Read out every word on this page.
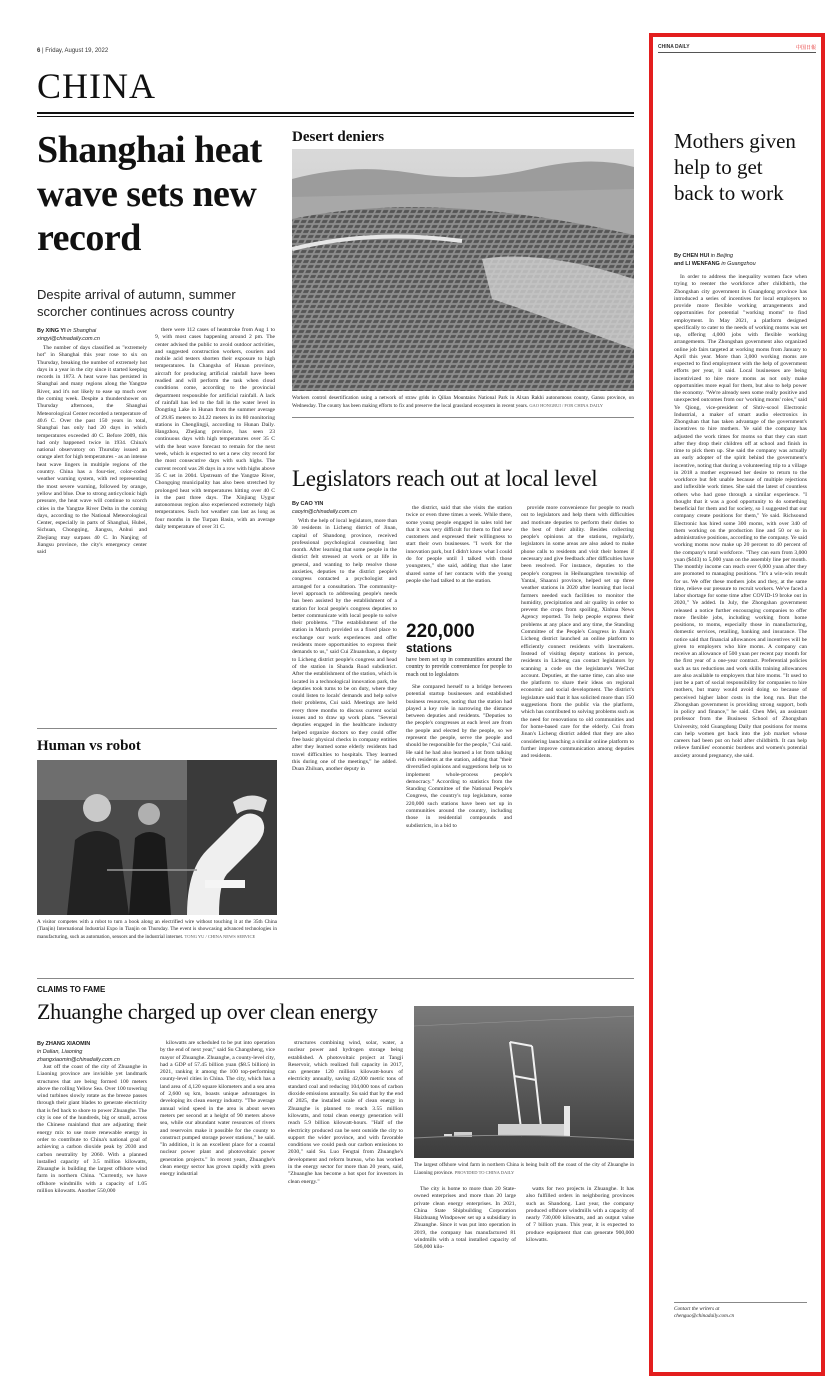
6 | Friday, August 19, 2022
CHINA
Shanghai heat wave sets new record
Despite arrival of autumn, summer scorcher continues across country
By XING YI in Shanghai
xingyi@chinadaily.com.cn

The number of days classified as "extremely hot" in Shanghai this year rose to six on Thursday, breaking the number of extremely hot days in a year in the city since it started keeping records in 1873. A heat wave has persisted in Shanghai and many regions along the Yangtze River, and it's not likely to ease up much over the coming week. Despite a thundershower on Thursday afternoon, the Shanghai Meteorological Center recorded a temperature of 40.6 C. Over the past 150 years in total, Shanghai has only had 20 days in which temperatures exceeded 40 C. Before 2009, this had only happened twice in 1934. China's national observatory on Thursday issued an orange alert for high temperatures - as an intense heat wave lingers in multiple regions of the country. China has a four-tier, color-coded weather warning system, with red representing the most severe warning, followed by orange, yellow and blue. Due to strong anticyclonic high pressure, the heat wave will continue to scorch cities in the Yangtze River Delta in the coming days, according to the National Meteorological Center, especially in parts of Shanghai, Hubei, Sichuan, Chongqing, Jiangsu, Anhui and Zhejiang may surpass 40 C. In Nanjing of Jiangsu province, the city's emergency center said

there were 112 cases of heatstroke from Aug 1 to 9, with most cases happening around 2 pm. The center advised the public to avoid outdoor activities, and suggested construction workers, couriers and mobile acid testers shorten their exposure to high temperatures. In Changsha of Hunan province, aircraft for producing artificial rainfall have been readied and will perform the task when cloud conditions come, according to the provincial department responsible for artificial rainfall. A lack of rainfall has led to the fall in the water level in Dongting Lake in Hunan from the summer average of 29.85 meters to 24.22 meters in its 80 monitoring stations in Chenglingji, according to Hunan Daily. Hangzhou, Zhejiang province, has seen 23 continuous days with high temperatures over 35 C with the heat wave forecast to remain for the next week, which is expected to set a new city record for the most consecutive days with such highs. The current record was 28 days in a row with highs above 35 C set in 2004. Upstream of the Yangtze River, Chongqing municipality has also been stretched by prolonged heat with temperatures hitting over 40 C in the past three days. The Xinjiang Uygur autonomous region also experienced extremely high temperatures. Such hot weather can last as long as four months in the Turpan Basin, with an average daily temperature of over 31 C.

Desert deniers
Workers control desertification using a network of straw grids in Qilian Mountains National Park in Alxan Rakhi autonomous county, Gansu province, on Wednesday. The county has been making efforts to fix and preserve the local grassland ecosystem in recent years. GAO HONGRUI / FOR CHINA DAILY
Legislators reach out at local level
By CAO YIN
caoyin@chinadaily.com.cn

With the help of local legislators, more than 30 residents in Licheng district of Jinan, capital of Shandong province, received professional psychological counseling last month. After learning that some people in the district felt stressed at work or at life in general, and wanting to help resolve those anxieties, deputies to the district people's congress contacted a psychologist and arranged for a consultation. The community-level approach to addressing people's needs has been assisted by the establishment of a station for local people's congress deputies to better communicate with local people to solve their problems. "The establishment of the station in March provided us a fixed place to exchange our work experiences and offer residents more opportunities to express their demands to us," said Cui Zhuanshan, a deputy to Licheng district people's congress and head of the station in Shanda Road subdistrict. After the establishment of the station, which is located in a technological innovation park, the deputies took turns to be on duty, where they could listen to locals' demands and help solve their problems, Cui said. Meetings are held every three months to discuss current social issues and to draw up work plans. "Several deputies engaged in the healthcare industry helped organize doctors so they could offer free basic physical checks in company entities after they learned some elderly residents had travel difficulties to hospitals. They learned this during one of the meetings," he added. Duan Zhiluan, another deputy in

the district, said that she visits the station twice or even three times a week. While there, some young people engaged in sales told her that it was very difficult for them to find new customers and expressed their willingness to start their own businesses. "I work for the innovation park, but I didn't know what I could do for people until I talked with those youngsters," she said, adding that she later shared some of her contacts with the young people she had talked to at the station.

220,000
stations
have been set up in communities around the country to provide convenience for people to reach out to legislators

She compared herself to a bridge between potential startup businesses and established business resources, noting that the station had played a key role in narrowing the distance between deputies and residents. "Deputies to the people's congresses at each level are from the people and elected by the people, so we represent the people, serve the people and should be responsible for the people," Cui said. He said he had also learned a lot from talking with residents at the station, adding that "their diversified opinions and suggestions help us to implement whole-process people's democracy." According to statistics from the Standing Committee of the National People's Congress, the country's top legislature, some 220,000 such stations have been set up in communities around the country, including those in residential compounds and subdistricts, in a bid to

provide more convenience for people to reach out to legislators and help them with difficulties and motivate deputies to perform their duties to the best of their ability. Besides collecting people's opinions at the stations, regularly, legislators in some areas are also asked to make phone calls to residents and visit their homes if necessary and give feedback after difficulties have been resolved. For instance, deputies to the people's congress in Heihuangzhen township of Yantai, Shaanxi province, helped set up three weather stations in 2020 after learning that local farmers needed such facilities to monitor the humidity, precipitation and air quality in order to prevent the crops from spoiling, Xinhua News Agency reported. To help people express their problems at any place and any time, the Standing Committee of the People's Congress in Jinan's Licheng district launched an online platform to efficiently connect residents with lawmakers. Instead of visiting deputy stations in person, residents in Licheng can contact legislators by scanning a code on the legislature's WeChat account. Deputies, at the same time, can also use the platform to share their ideas on regional economic and social development. The district's legislature said that it has solicited more than 150 suggestions from the public via the platform, which has contributed to solving problems such as the need for renovations to old communities and for home-based care for the elderly. Cui from Jinan's Licheng district added that they are also considering launching a similar online platform to further improve communication among deputies and residents.

Human vs robot
A visitor competes with a robot to turn a book along an electrified wire without touching it at the 35th China (Tianjin) International Industrial Expo in Tianjin on Thursday. The event is showcasing advanced technologies in manufacturing, such as automation, sensors and the industrial internet. TONG YU / CHINA NEWS SERVICE
CLAIMS TO FAME
Zhuanghe charged up over clean energy
By ZHANG XIAOMIN
in Dalian, Liaoning
zhangxiaomin@chinadaily.com.cn

Just off the coast of the city of Zhuanghe in Liaoning province are invisible yet landmark structures that are being formed 100 meters above the rolling Yellow Sea. Over 100 towering wind turbines slowly rotate as the breeze passes through their giant blades to generate electricity that is fed back to shore to power Zhuanghe. The city is one of the hundreds, big or small, across the Chinese mainland that are adjusting their energy mix to use more renewable energy in order to contribute to China's national goal of achieving a carbon dioxide peak by 2030 and carbon neutrality by 2060. With a planned installed capacity of 3.5 million kilowatts, Zhuanghe is building the largest offshore wind farm in northern China. "Currently, we have offshore windmills with a capacity of 1.05 million kilowatts. Another 550,000

kilowatts are scheduled to be put into operation by the end of next year," said Su Changsheng, vice mayor of Zhuanghe. Zhuanghe, a county-level city, had a GDP of 57.45 billion yuan ($8.5 billion) in 2021, ranking it among the 100 top-performing county-level cities in China. The city, which has a land area of 4,120 square kilometers and a sea area of 2,600 sq km, boasts unique advantages in developing its clean energy industry. "The average annual wind speed in the area is about seven meters per second at a height of 90 meters above sea, while our abundant water resources of rivers and reservoirs make it possible for the county to construct pumped storage power stations," he said. "In addition, it is an excellent place for a coastal nuclear power plant and photovoltaic power generation projects." In recent years, Zhuanghe's clean energy sector has grown rapidly with green energy industrial

structures combining wind, solar, water, a nuclear power and hydrogen storage being established. A photovoltaic project at Tangji Reservoir, which realized full capacity in 2017, can generate 120 million kilowatt-hours of electricity annually, saving 42,000 metric tons of standard coal and reducing 104,000 tons of carbon dioxide emissions annually. Su said that by the end of 2025, the installed scale of clean energy in Zhuanghe is planned to reach 3.55 million kilowatts, and total clean energy generation will reach 5.9 billion kilowatt-hours. "Half of the electricity produced can be sent outside the city to support the wider province, and with favorable conditions we could push our carbon emissions to 2030," said Su. Luo Fengtai from Zhuanghe's development and reform bureau, who has worked in the energy sector for more than 20 years, said, "Zhuanghe has become a hot spot for investors in clean energy."

The largest offshore wind farm in northern China is being built off the coast of the city of Zhuanghe in Liaoning province. PROVIDED TO CHINA DAILY

The city is home to more than 20 State-owned enterprises and more than 20 large private clean energy enterprises. In 2021, China State Shipbuilding Corporation Haizhuang Windpower set up a subsidiary in Zhuanghe. Since it was put into operation in 2019, the company has manufactured 81 windmills with a total installed capacity of 506,000 kilo-

watts for two projects in Zhuanghe. It has also fulfilled orders in neighboring provinces such as Shandong. Last year, the company produced offshore windmills with a capacity of nearly 730,000 kilowatts, and an output value of 7 billion yuan. This year, it is expected to produce equipment that can generate 900,000 kilowatts.

CHINA DAILY	中国日報
Mothers given help to get back to work
By CHEN HUI in Beijing
and LI WENFANG in Guangzhou

In order to address the inequality women face when trying to reenter the workforce after childbirth, the Zhongshan city government in Guangdong province has introduced a series of incentives for local employers to provide more flexible working arrangements and opportunities for potential "working moms" to find employment. In May 2021, a platform designed specifically to cater to the needs of working moms was set up, offering 4,000 jobs with flexible working arrangements. The Zhongshan government also organized online job fairs targeted at working moms from January to April this year. More than 3,000 working moms are expected to find employment with the help of government efforts per year, it said. Local businesses are being incentivized to hire more moms as not only make opportunities more equal for them, but also to help power the economy. "We're already seen some really positive and unexpected outcomes from our 'working moms' roles," said Ye Qiong, vice-president of Shtiv-scool Electronic Industrial, a maker of smart audio electronics in Zhongshan that has taken advantage of the government's incentives to hire mothers. Ye said the company has adjusted the work times for moms so that they can start after they drop their children off at school and finish in time to pick them up. She said the company was actually an early adopter of the spirit behind the government's incentive, noting that during a volunteering trip to a village in 2018 a mother expressed her desire to return to the workforce but felt unable because of multiple rejections and inflexible work times. She said the latest of countless others who had gone through a similar experience. "I thought that it was a good opportunity to do something beneficial for them and for society, so I suggested that our company create positions for them," Ye said. Richsound Electronic has hired some 300 moms, with over 340 of them working on the production line and 50 or so in administrative positions, according to the company. Ye said working moms now make up 20 percent to 40 percent of the company's total workforce. "They can earn from 3,000 yuan ($443) to 5,000 yuan on the assembly line per month. The monthly income can reach over 6,000 yuan after they are promoted to managing positions. "It's a win-win result for us. We offer these mothers jobs and they, at the same time, relieve our pressure to recruit workers. We've faced a labor shortage for some time after COVID-19 broke out in 2020," Ye added. In July, the Zhongshan government released a notice further encouraging companies to offer more flexible jobs, including working from home positions, to moms, especially those in manufacturing, domestic services, retailing, banking and insurance. The notice said that financial allowances and incentives will be given to employers who hire moms. A company can receive an allowance of 500 yuan per recent pay month for the first year of a one-year contract. Preferential policies such as tax reductions and work skills training allowances are also available to employers that hire moms. "It used to just be a part of social responsibility for companies to hire mothers, but many would avoid doing so because of perceived higher labor costs in the long run. But the Zhongshan government is providing strong support, both in policy and finance," he said. Chen Mei, an assistant professor from the Business School of Zhongshan University, told Guangdong Daily that positions for moms can help women get back into the job market whose careers had been put on hold after childbirth. It can help relieve families' economic burdens and women's potential anxiety around pregnancy, she said.

Contact the writers at
chenguo@chinadaily.com.cn
